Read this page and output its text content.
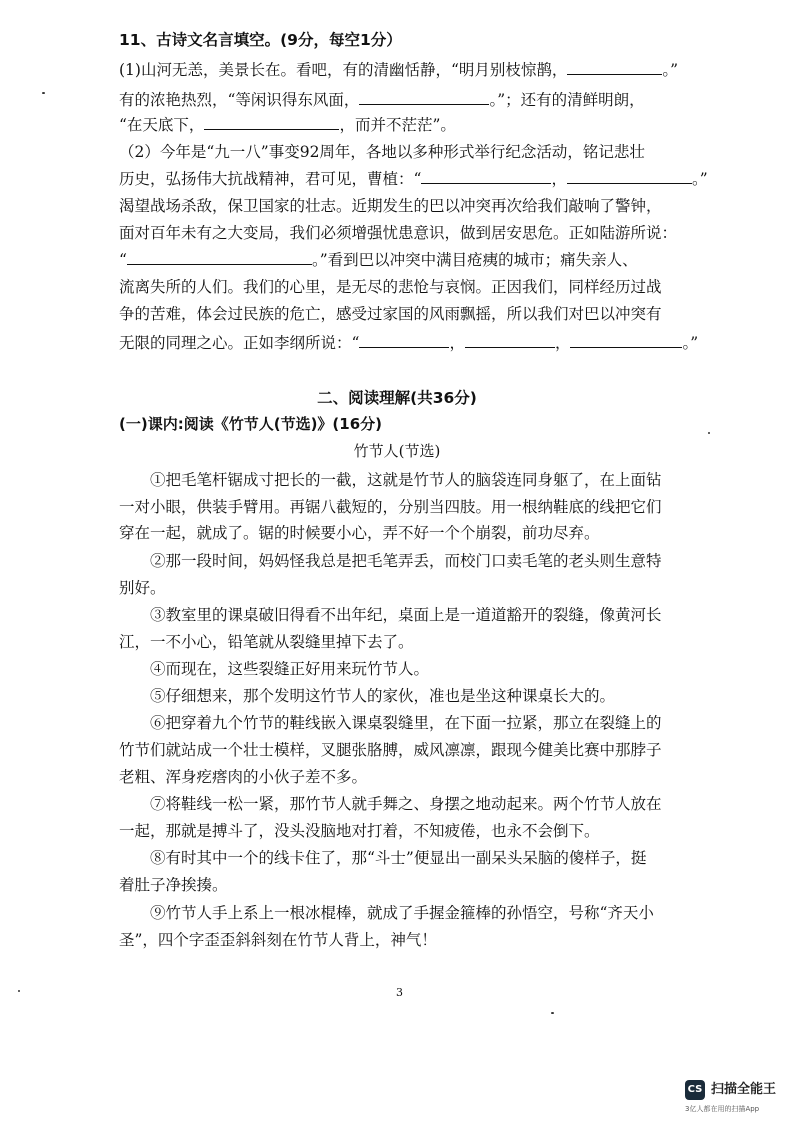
11、古诗文名言填空。(9分，每空1分）
(1)山河无恙，美景长在。看吧，有的清幽恬静，“明月别枝惊鹊，	。”
有的浓艳热烈，“等闲识得东风面，	。”；还有的清鲜明朗，
“在天底下，	，而并不茫茫”。
（2）今年是“九一八”事变92周年，各地以多种形式举行纪念活动，铭记悲壮
历史，弘扬伟大抗战精神，君可见，曹植：“	，	。”
渴望战场杀敌，保卫国家的壮志。近期发生的巴以冲突再次给我们敲响了警钟，
面对百年未有之大变局，我们必须增强忧患意识，做到居安思危。正如陆游所说：
“	。”看到巴以冲突中满目疮痍的城市；痛失亲人、
流离失所的人们。我们的心里，是无尽的悲怆与哀悯。正因我们，同样经历过战
争的苦难，体会过民族的危亡，感受过家国的风雨飘摇，所以我们对巴以冲突有
无限的同理之心。正如李纲所说：“	，	，	。”
二、阅读理解(共36分)
(一)课内:阅读《竹节人(节选)》(16分)
竹节人(节选)
①把毛笔杆锯成寸把长的一截，这就是竹节人的脑袋连同身躯了，在上面钻
一对小眼，供装手臂用。再锯八截短的，分别当四肢。用一根纳鞋底的线把它们
穿在一起，就成了。锯的时候要小心，弄不好一个个崩裂，前功尽弃。
②那一段时间，妈妈怪我总是把毛笔弄丢，而校门口卖毛笔的老头则生意特
别好。
③教室里的课桌破旧得看不出年纪，桌面上是一道道豁开的裂缝，像黄河长
江，一不小心，铅笔就从裂缝里掉下去了。
④而现在，这些裂缝正好用来玩竹节人。
⑤仔细想来，那个发明这竹节人的家伙，准也是坐这种课桌长大的。
⑥把穿着九个竹节的鞋线嵌入课桌裂缝里，在下面一拉紧，那立在裂缝上的
竹节们就站成一个壮士模样，叉腿张胳膊，威风凛凛，跟现今健美比赛中那脖子
老粗、浑身疙瘩肉的小伙子差不多。
⑦将鞋线一松一紧，那竹节人就手舞之、身摆之地动起来。两个竹节人放在
一起，那就是搏斗了，没头没脑地对打着，不知疲倦，也永不会倒下。
⑧有时其中一个的线卡住了，那“斗士”便显出一副呆头呆脑的傻样子，挺
着肚子净挨揍。
⑨竹节人手上系上一根冰棍棒，就成了手握金箍棒的孙悟空，号称“齐天小
圣”，四个字歪歪斜斜刻在竹节人背上，神气！
3
CS 扫描全能王
3亿人都在用的扫描App
